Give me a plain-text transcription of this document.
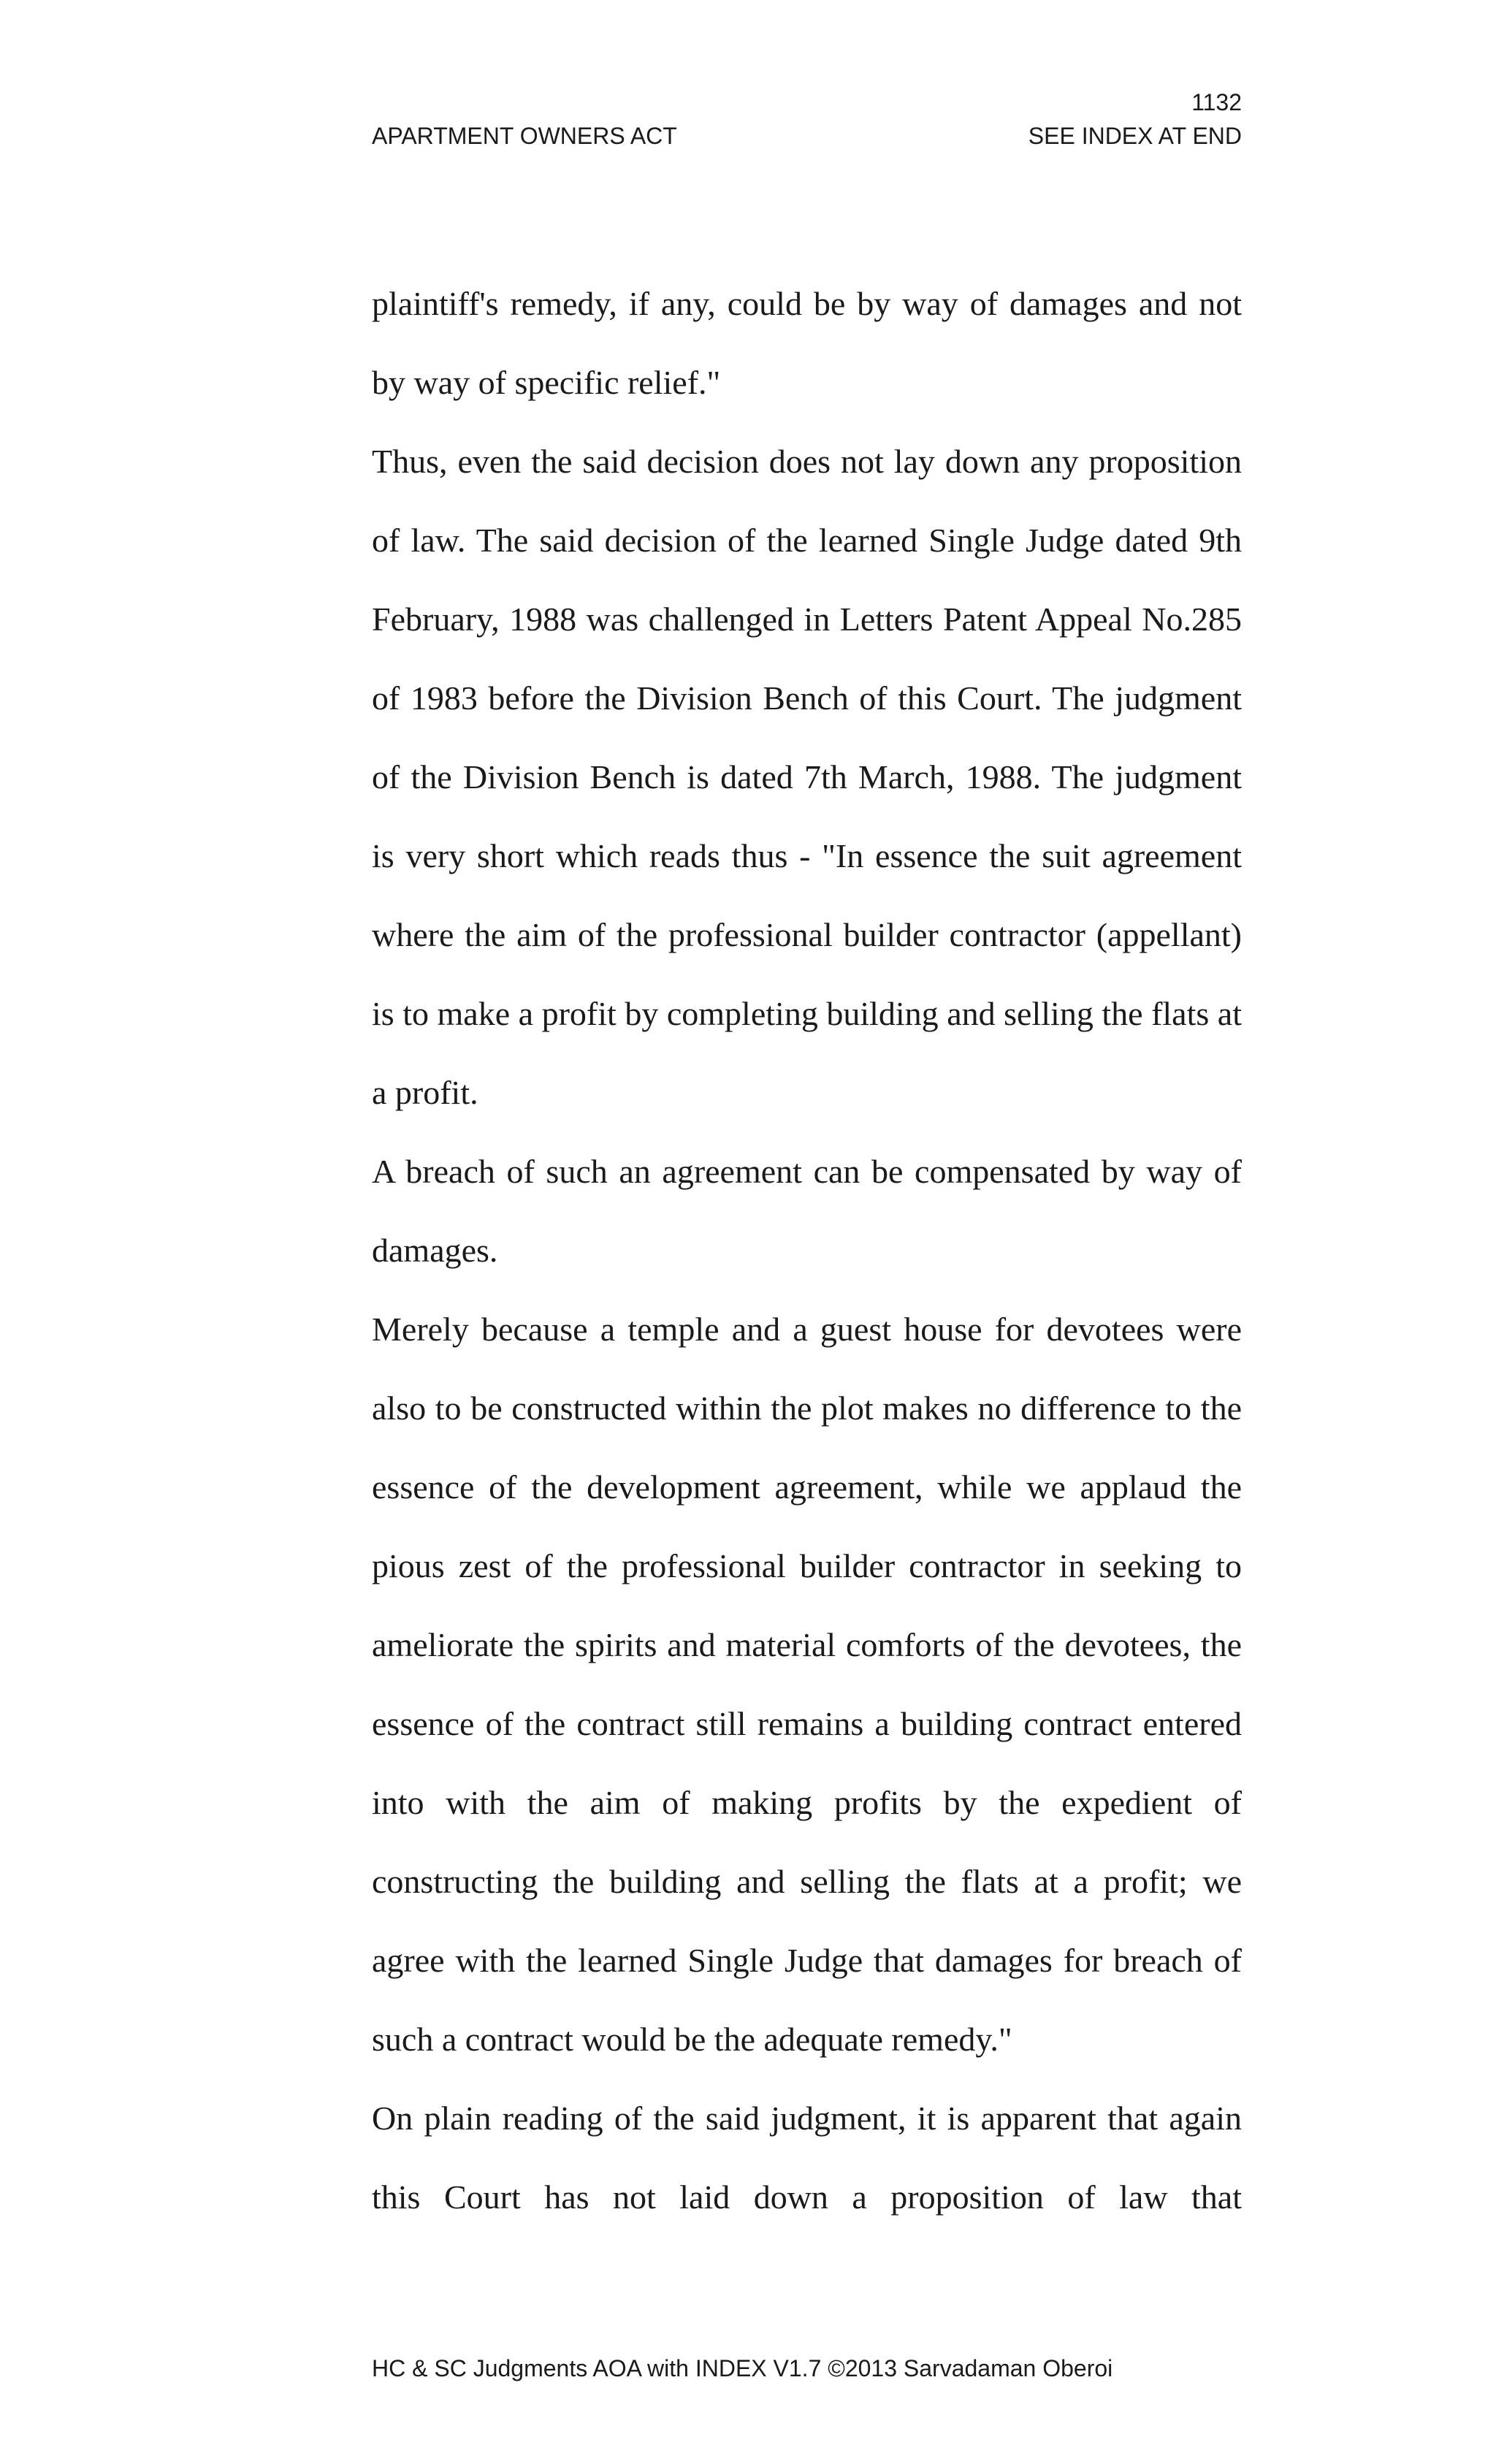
1132
APARTMENT OWNERS ACT	SEE INDEX AT END

plaintiff's remedy, if any, could be by way of damages and not by way of specific relief."

Thus, even the said decision does not lay down any proposition of law. The said decision of the learned Single Judge dated 9th February, 1988 was challenged in Letters Patent Appeal No.285 of 1983 before the Division Bench of this Court. The judgment of the Division Bench is dated 7th March, 1988. The judgment is very short which reads thus - "In essence the suit agreement where the aim of the professional builder contractor (appellant) is to make a profit by completing building and selling the flats at a profit.

A breach of such an agreement can be compensated by way of damages.

Merely because a temple and a guest house for devotees were also to be constructed within the plot makes no difference to the essence of the development agreement, while we applaud the pious zest of the professional builder contractor in seeking to ameliorate the spirits and material comforts of the devotees, the essence of the contract still remains a building contract entered into with the aim of making profits by the expedient of constructing the building and selling the flats at a profit; we agree with the learned Single Judge that damages for breach of such a contract would be the adequate remedy."

On plain reading of the said judgment, it is apparent that again this Court has not laid down a proposition of law that

HC & SC Judgments AOA with INDEX V1.7 ©2013 Sarvadaman Oberoi
